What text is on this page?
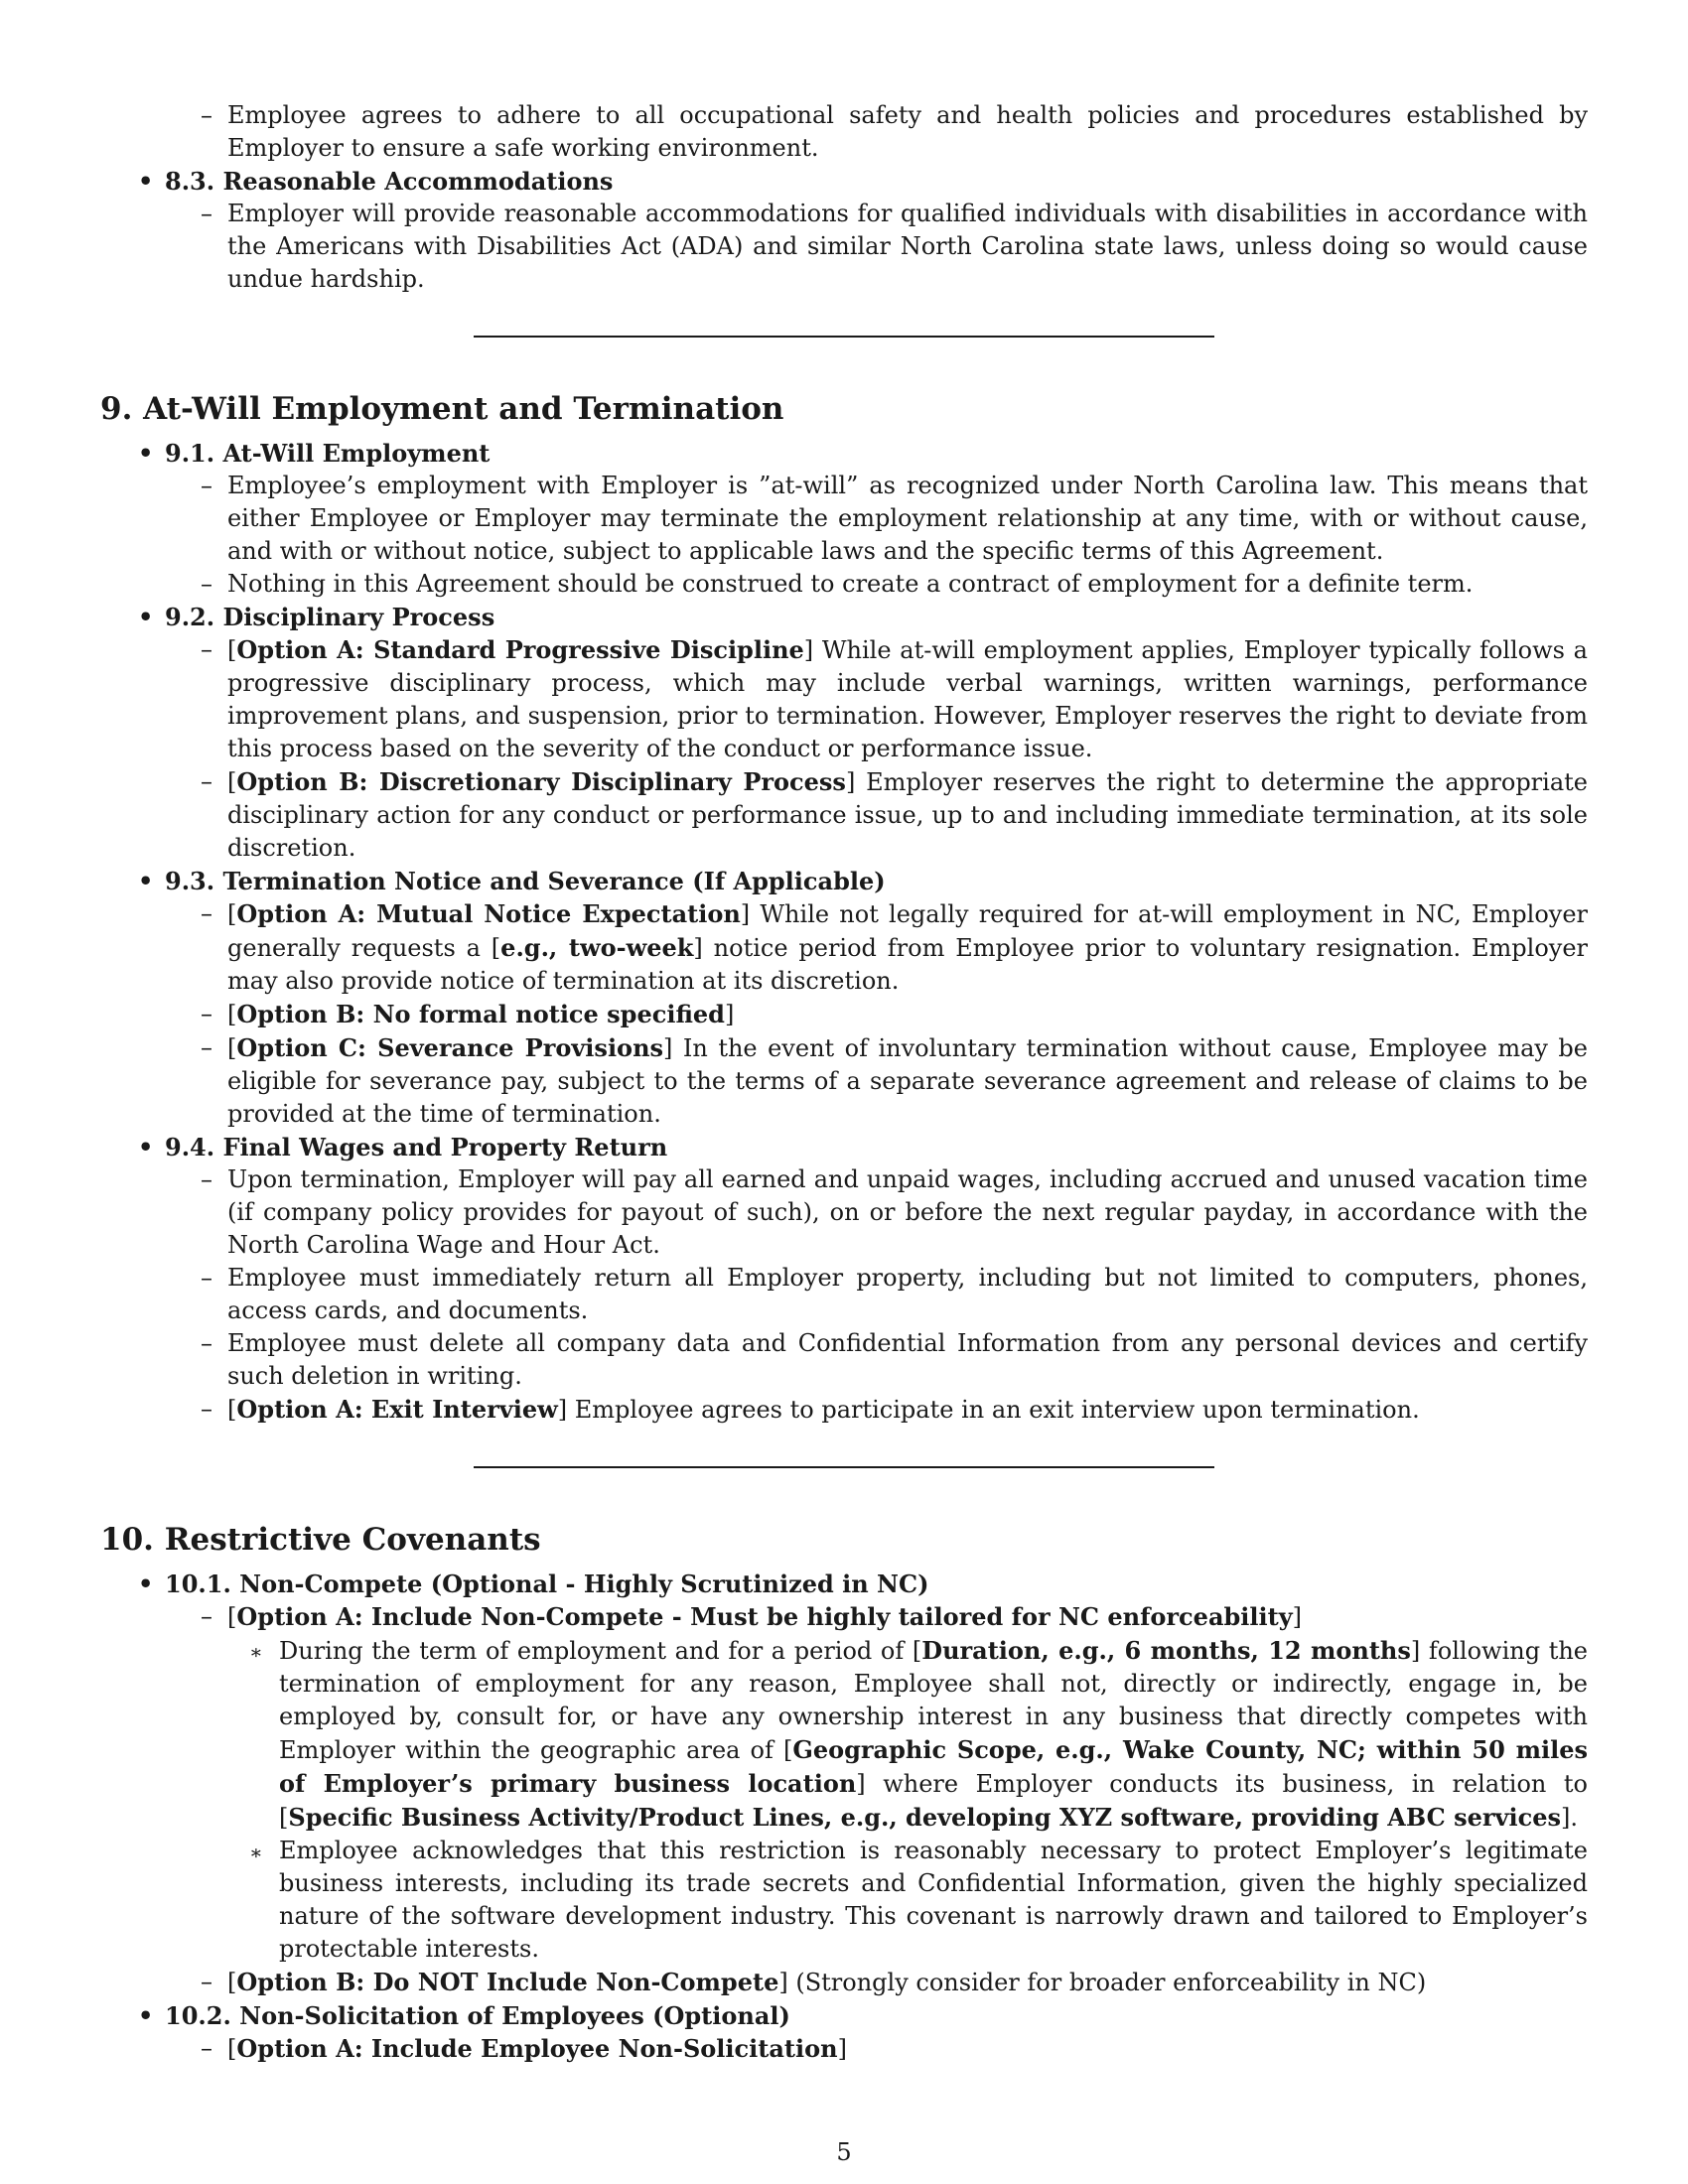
– Employee agrees to adhere to all occupational safety and health policies and procedures established by Employer to ensure a safe working environment.
• 8.3. Reasonable Accommodations
– Employer will provide reasonable accommodations for qualified individuals with disabilities in accordance with the Americans with Disabilities Act (ADA) and similar North Carolina state laws, unless doing so would cause undue hardship.
9. At-Will Employment and Termination
• 9.1. At-Will Employment
– Employee’s employment with Employer is ”at-will” as recognized under North Carolina law. This means that either Employee or Employer may terminate the employment relationship at any time, with or without cause, and with or without notice, subject to applicable laws and the specific terms of this Agreement.
– Nothing in this Agreement should be construed to create a contract of employment for a definite term.
• 9.2. Disciplinary Process
– [Option A: Standard Progressive Discipline] While at-will employment applies, Employer typically follows a progressive disciplinary process, which may include verbal warnings, written warnings, performance improvement plans, and suspension, prior to termination. However, Employer reserves the right to deviate from this process based on the severity of the conduct or performance issue.
– [Option B: Discretionary Disciplinary Process] Employer reserves the right to determine the appropriate disciplinary action for any conduct or performance issue, up to and including immediate termination, at its sole discretion.
• 9.3. Termination Notice and Severance (If Applicable)
– [Option A: Mutual Notice Expectation] While not legally required for at-will employment in NC, Employer generally requests a [e.g., two-week] notice period from Employee prior to voluntary resignation. Employer may also provide notice of termination at its discretion.
– [Option B: No formal notice specified]
– [Option C: Severance Provisions] In the event of involuntary termination without cause, Employee may be eligible for severance pay, subject to the terms of a separate severance agreement and release of claims to be provided at the time of termination.
• 9.4. Final Wages and Property Return
– Upon termination, Employer will pay all earned and unpaid wages, including accrued and unused vacation time (if company policy provides for payout of such), on or before the next regular payday, in accordance with the North Carolina Wage and Hour Act.
– Employee must immediately return all Employer property, including but not limited to computers, phones, access cards, and documents.
– Employee must delete all company data and Confidential Information from any personal devices and certify such deletion in writing.
– [Option A: Exit Interview] Employee agrees to participate in an exit interview upon termination.
10. Restrictive Covenants
• 10.1. Non-Compete (Optional - Highly Scrutinized in NC)
– [Option A: Include Non-Compete - Must be highly tailored for NC enforceability]
∗ During the term of employment and for a period of [Duration, e.g., 6 months, 12 months] following the termination of employment for any reason, Employee shall not, directly or indirectly, engage in, be employed by, consult for, or have any ownership interest in any business that directly competes with Employer within the geographic area of [Geographic Scope, e.g., Wake County, NC; within 50 miles of Employer’s primary business location] where Employer conducts its business, in relation to [Specific Business Activity/Product Lines, e.g., developing XYZ software, providing ABC services].
∗ Employee acknowledges that this restriction is reasonably necessary to protect Employer’s legitimate business interests, including its trade secrets and Confidential Information, given the highly specialized nature of the software development industry. This covenant is narrowly drawn and tailored to Employer’s protectable interests.
– [Option B: Do NOT Include Non-Compete] (Strongly consider for broader enforceability in NC)
• 10.2. Non-Solicitation of Employees (Optional)
– [Option A: Include Employee Non-Solicitation]
5
